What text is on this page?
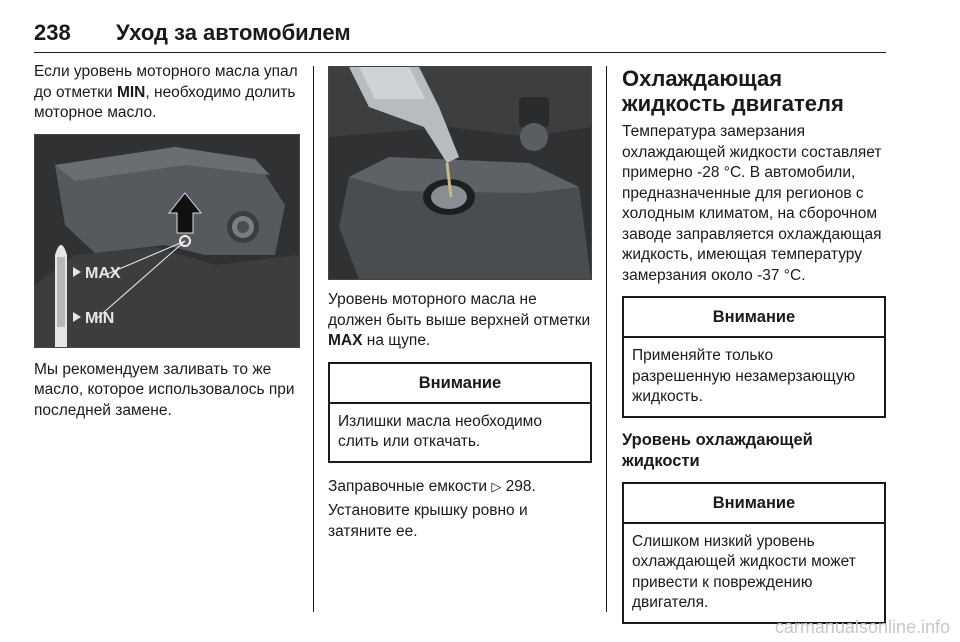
238 Уход за автомобилем

Если уровень моторного масла упал до отметки MIN, необходимо долить моторное масло.

MAX
MIN

Мы рекомендуем заливать то же масло, которое использовалось при последней замене.

Уровень моторного масла не должен быть выше верхней отметки MAX на щупе.

Внимание
Излишки масла необходимо слить или откачать.

Заправочные емкости ▷ 298.

Установите крышку ровно и затяните ее.

Охлаждающая жидкость двигателя

Температура замерзания охлаждающей жидкости составляет примерно -28 °C. В автомобили, предназначенные для регионов с холодным климатом, на сборочном заводе заправляется охлаждающая жидкость, имеющая температуру замерзания около -37 °C.

Внимание
Применяйте только разрешенную незамерзающую жидкость.
Уровень охлаждающей жидкости
Внимание
Слишком низкий уровень охлаждающей жидкости может привести к повреждению двигателя.
carmanualsonline.info
